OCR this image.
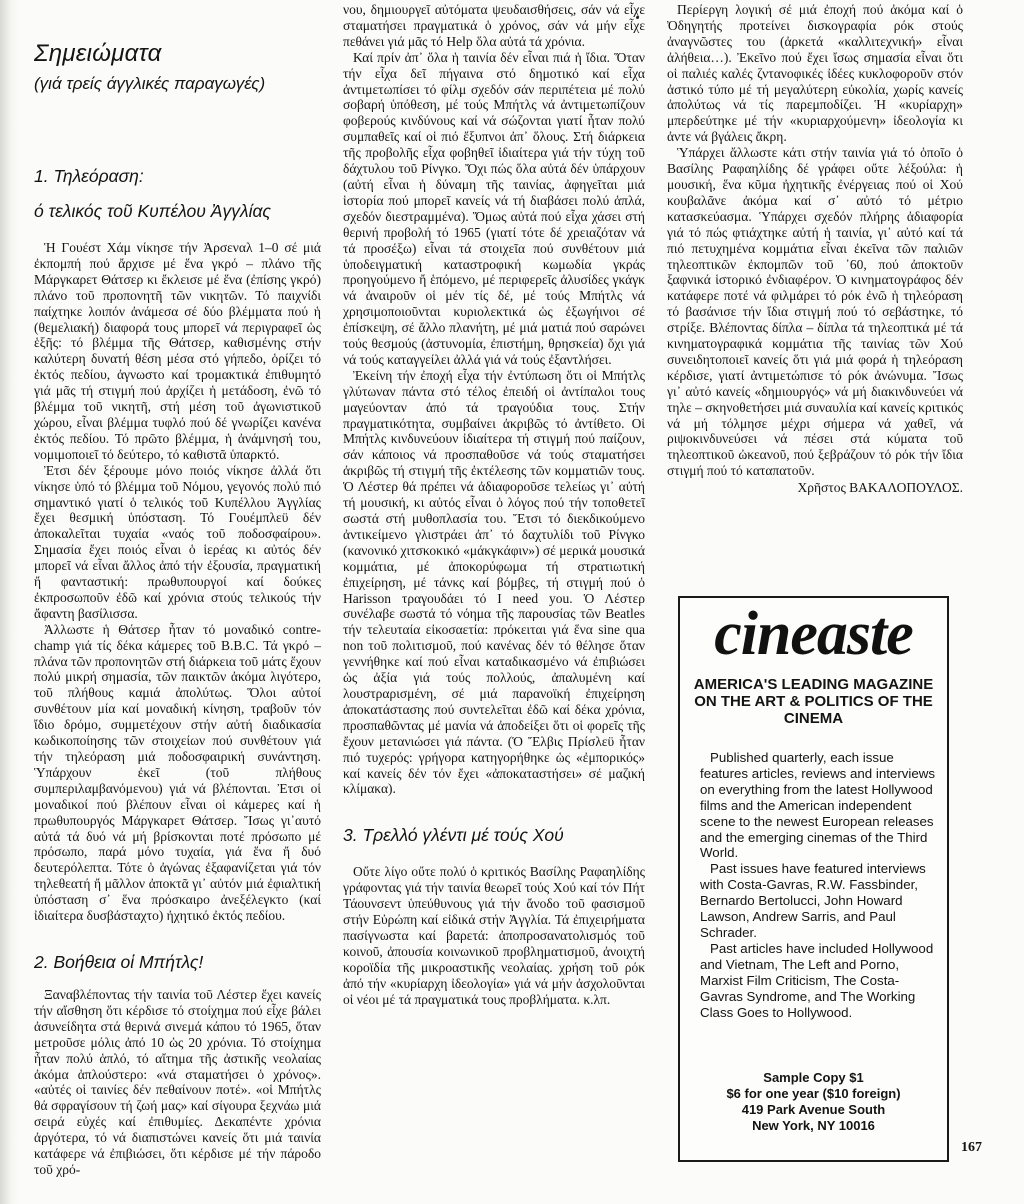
Σημειώματα
(γιά τρείς άγγλικές παραγωγές)
1. Τηλεόραση:
ό τελικός τοῦ Κυπέλου Ἀγγλίας

Ἡ Γουέστ Χάμ νίκησε τήν Ἀρσεναλ 1–0 σέ μιά ἐκπομπή πού ἄρχισε μέ ἕνα γκρό – πλάνο τῆς Μάργκαρετ Θάτσερ κι ἔκλεισε μέ ἕνα (ἐπίσης γκρό) πλάνο τοῦ προπονητῆ τῶν νικητῶν. Τό παιχνίδι παίχτηκε λοιπόν ἀνάμεσα σέ δύο βλέμματα πού ἡ (θεμελιακή) διαφορά τους μπορεῖ νά περιγραφεῖ ὡς ἑξῆς: τό βλέμμα τῆς Θάτσερ, καθισμένης στήν καλύτερη δυνατή θέση μέσα στό γήπεδο, ὁρίζει τό ἐκτός πεδίου, ἀγνωστο καί τρομακτικά ἐπιθυμητό γιά μᾶς τή στιγμή πού ἀρχίζει ἡ μετάδοση, ἐνῶ τό βλέμμα τοῦ νικητῆ, στή μέση τοῦ ἀγωνιστικοῦ χώρου, εἶναι βλέμμα τυφλό πού δέ γνωρίζει κανένα ἐκτός πεδίου. Τό πρῶτο βλέμμα, ἡ ἀνάμνησή του, νομιμοποιεῖ τό δεύτερο, τό καθιστᾶ ὑπαρκτό.

Ἐτσι δέν ξέρουμε μόνο ποιός νίκησε ἀλλά ὅτι νίκησε ὑπό τό βλέμμα τοῦ Νόμου, γεγονός πολύ πιό σημαντικό γιατί ὁ τελικός τοῦ Κυπέλλου Ἀγγλίας ἔχει θεσμική ὑπόσταση. Τό Γουέμπλεϋ δέν ἀποκαλεῖται τυχαία «ναός τοῦ ποδοσφαίρου». Σημασία ἔχει ποιός εἶναι ὁ ἱερέας κι αὐτός δέν μπορεῖ νά εἶναι ἄλλος ἀπό τήν ἐξουσία, πραγματική ἤ φανταστική: πρωθυπουργοί καί δούκες ἐκπροσωποῦν ἐδῶ καί χρόνια στούς τελικούς τήν ἄφαντη βασίλισσα.

Ἀλλωστε ἡ Θάτσερ ἦταν τό μοναδικό contre-champ γιά τίς δέκα κάμερες τοῦ B.B.C. Τά γκρό – πλάνα τῶν προπονητῶν στή διάρκεια τοῦ μάτς ἔχουν πολύ μικρή σημασία, τῶν παικτῶν ἀκόμα λιγότερο, τοῦ πλήθους καμιά ἀπολύτως. Ὅλοι αὐτοί συνθέτουν μία καί μοναδική κίνηση, τραβοῦν τόν ἴδιο δρόμο, συμμετέχουν στήν αὐτή διαδικασία κωδικοποίησης τῶν στοιχείων πού συνθέτουν γιά τήν τηλεόραση μιά ποδοσφαιρική συνάντηση. Ὑπάρχουν ἐκεῖ (τοῦ πλήθους συμπεριλαμβανόμενου) γιά νά βλέπονται. Ἐτσι οἱ μοναδικοί πού βλέπουν εἶναι οἱ κάμερες καί ἡ πρωθυπουργός Μάργκαρετ Θάτσερ. Ἴσως γι᾽αυτό αὐτά τά δυό νά μή βρίσκονται ποτέ πρόσωπο μέ πρόσωπο, παρά μόνο τυχαία, γιά ἕνα ἤ δυό δευτερόλεπτα. Τότε ὁ ἀγώνας ἐξαφανίζεται γιά τόν τηλεθεατή ἤ μᾶλλον ἀποκτᾶ γι᾽ αὐτόν μιά ἐφιαλτική ὑπόσταση σ᾽ ἕνα πρόσκαιρο ἀνεξέλεγκτο (καί ἰδιαίτερα δυσβάσταχτο) ἠχητικό ἐκτός πεδίου.

2. Βοήθεια οἱ Μπήτλς!

Ξαναβλέποντας τήν ταινία τοῦ Λέστερ ἔχει κανείς τήν αἴσθηση ὅτι κέρδισε τό στοίχημα πού εἶχε βάλει ἀσυνείδητα στά θερινά σινεμά κάπου τό 1965, ὅταν μετροῦσε μόλις ἀπό 10 ὡς 20 χρόνια. Τό στοίχημα ἦταν πολύ ἁπλό, τό αἴτημα τῆς ἀστικῆς νεολαίας ἀκόμα ἁπλούστερο: «νά σταματήσει ὁ χρόνος». «αὐτές οἱ ταινίες δέν πεθαίνουν ποτέ». «οἱ Μπήτλς θά σφραγίσουν τή ζωή μας» καί σίγουρα ξεχνάω μιά σειρά εὐχές καί ἐπιθυμίες. Δεκαπέντε χρόνια ἀργότερα, τό νά διαπιστώνει κανείς ὅτι μιά ταινία κατάφερε νά ἐπιβιώσει, ὅτι κέρδισε μέ τήν πάροδο τοῦ χρό-

νου, δημιουργεῖ αὐτόματα ψευδαισθήσεις, σάν νά εἶχε σταματήσει πραγματικά ὁ χρόνος, σάν νά μήν εἶχε πεθάνει γιά μᾶς τό Help ὅλα αὐτά τά χρόνια.

Καί πρίν ἀπ᾽ ὅλα ἡ ταινία δέν εἶναι πιά ἡ ἴδια. Ὅταν τήν εἶχα δεῖ πήγαινα στό δημοτικό καί εἶχα ἀντιμετωπίσει τό φίλμ σχεδόν σάν περιπέτεια μέ πολύ σοβαρή ὑπόθεση, μέ τούς Μπήτλς νά ἀντιμετωπίζουν φοβερούς κινδύνους καί νά σώζονται γιατί ἦταν πολύ συμπαθεῖς καί οἱ πιό ἔξυπνοι ἀπ᾽ ὅλους. Στή διάρκεια τῆς προβολῆς εἶχα φοβηθεῖ ἰδιαίτερα γιά τήν τύχη τοῦ δάχτυλου τοῦ Ρίνγκο. Ὄχι πώς ὅλα αὐτά δέν ὑπάρχουν (αὐτή εἶναι ἡ δύναμη τῆς ταινίας, ἀφηγεῖται μιά ἱστορία πού μπορεῖ κανείς νά τή διαβάσει πολύ ἁπλά, σχεδόν διεστραμμένα). Ὅμως αὐτά πού εἶχα χάσει στή θερινή προβολή τό 1965 (γιατί τότε δέ χρειαζόταν νά τά προσέξω) εἶναι τά στοιχεῖα πού συνθέτουν μιά ὑποδειγματική καταστροφική κωμωδία γκράς προηγούμενο ἤ ἑπόμενο, μέ περιφερεῖς ἀλυσίδες γκάγκ νά ἀναιροῦν οἱ μέν τίς δέ, μέ τούς Μπήτλς νά χρησιμοποιοῦνται κυριολεκτικά ὡς ἐξωγήινοι σέ ἐπίσκεψη, σέ ἄλλο πλανήτη, μέ μιά ματιά πού σαρώνει τούς θεσμούς (ἀστυνομία, ἐπιστήμη, θρησκεία) ὄχι γιά νά τούς καταγγείλει ἀλλά γιά νά τούς ἐξαντλήσει.

Ἐκείνη τήν ἐποχή εἶχα τήν ἐντύπωση ὅτι οἱ Μπήτλς γλύτωναν πάντα στό τέλος ἐπειδή οἱ ἀντίπαλοι τους μαγεύονταν ἀπό τά τραγούδια τους. Στήν πραγματικότητα, συμβαίνει ἀκριβῶς τό ἀντίθετο. Οἱ Μπήτλς κινδυνεύουν ἰδιαίτερα τή στιγμή πού παίζουν, σάν κάποιος νά προσπαθοῦσε νά τούς σταματήσει ἀκριβῶς τή στιγμή τῆς ἐκτέλεσης τῶν κομματιῶν τους. Ὁ Λέστερ θά πρέπει νά ἀδιαφοροῦσε τελείως γι᾽ αὐτή τή μουσική, κι αὐτός εἶναι ὁ λόγος πού τήν τοποθετεῖ σωστά στή μυθοπλασία του. Ἔτσι τό διεκδικούμενο ἀντικείμενο γλιστράει ἀπ᾽ τό δαχτυλίδι τοῦ Ρίνγκο (κανονικό χιτσκοκικό «μάκγκάφιν») σέ μερικά μουσικά κομμάτια, μέ ἀποκορύφωμα τή στρατιωτική ἐπιχείρηση, μέ τάνκς καί βόμβες, τή στιγμή πού ὁ Harisson τραγουδάει τό I need you. Ὁ Λέστερ συνέλαβε σωστά τό νόημα τῆς παρουσίας τῶν Beatles τήν τελευταία εἰκοσαετία: πρόκειται γιά ἕνα sine qua non τοῦ πολιτισμοῦ, πού κανένας δέν τό θέλησε ὅταν γεννήθηκε καί πού εἶναι καταδικασμένο νά ἐπιβιώσει ὡς ἀξία γιά τούς πολλούς, ἀπαλυμένη καί λουστραρισμένη, σέ μιά παρανοϊκή ἐπιχείρηση ἀποκατάστασης πού συντελεῖται ἐδῶ καί δέκα χρόνια, προσπαθῶντας μέ μανία νά ἀποδείξει ὅτι οἱ φορεῖς τῆς ἔχουν μετανιώσει γιά πάντα. (Ὁ Ἔλβις Πρίσλεϋ ἦταν πιό τυχερός: γρήγορα κατηγορήθηκε ὡς «ἐμπορικός» καί κανείς δέν τόν ἔχει «ἀποκαταστήσει» σέ μαζική κλίμακα).

3. Τρελλό γλέντι μέ τούς Χού

Οὔτε λίγο οὔτε πολύ ὁ κριτικός Βασίλης Ραφαηλίδης γράφοντας γιά τήν ταινία θεωρεῖ τούς Χού καί τόν Πήτ Τάουνσεντ ὑπεύθυνους γιά τήν ἄνοδο τοῦ φασισμοῦ στήν Εὐρώπη καί εἰδικά στήν Ἀγγλία. Τά ἐπιχειρήματα πασίγνωστα καί βαρετά: ἀποπροσανατολισμός τοῦ κοινοῦ, ἀπουσία κοινωνικοῦ προβληματισμοῦ, ἀνοιχτή κοροϊδία τῆς μικροαστικῆς νεολαίας. χρήση τοῦ ρόκ ἀπό τήν «κυρίαρχη ἰδεολογία» γιά νά μήν ἀσχολοῦνται οἱ νέοι μέ τά πραγματικά τους προβλήματα. κ.λπ.

Περίεργη λογική σέ μιά ἐποχή πού ἀκόμα καί ὁ Ὀδηγητής προτείνει δισκογραφία ρόκ στούς ἀναγνῶστες του (ἀρκετά «καλλιτεχνική» εἶναι ἀλήθεια…). Ἐκεῖνο πού ἔχει ἴσως σημασία εἶναι ὅτι οἱ παλιές καλές ζντανοφικές ἰδέες κυκλοφοροῦν στόν ἀστικό τύπο μέ τή μεγαλύτερη εὐκολία, χωρίς κανείς ἀπολύτως νά τίς παρεμποδίζει. Ἡ «κυρίαρχη» μπερδεύτηκε μέ τήν «κυριαρχούμενη» ἰδεολογία κι ἀντε νά βγάλεις ἄκρη.

Ὑπάρχει ἄλλωστε κάτι στήν ταινία γιά τό ὁποῖο ὁ Βασίλης Ραφαηλίδης δέ γράφει οὔτε λέξούλα: ἡ μουσική, ἕνα κῦμα ἠχητικῆς ἐνέργειας πού οἱ Χού κουβαλᾶνε ἀκόμα καί σ᾽ αὐτό τό μέτριο κατασκεύασμα. Ὑπάρχει σχεδόν πλήρης ἀδιαφορία γιά τό πώς φτιάχτηκε αὐτή ἡ ταινία, γι᾽ αὐτό καί τά πιό πετυχημένα κομμάτια εἶναι ἐκεῖνα τῶν παλιῶν τηλεοπτικῶν ἐκπομπῶν τοῦ ᾽60, πού ἀποκτοῦν ξαφνικά ἱστορικό ἐνδιαφέρον. Ὁ κινηματογράφος δέν κατάφερε ποτέ νά φιλμάρει τό ρόκ ἐνῶ ἡ τηλεόραση τό βασάνισε τήν ἴδια στιγμή πού τό σεβάστηκε, τό στρίξε. Βλέποντας δίπλα – δίπλα τά τηλεοπτικά μέ τά κινηματογραφικά κομμάτια τῆς ταινίας τῶν Χού συνειδητοποιεῖ κανείς ὅτι γιά μιά φορά ἡ τηλεόραση κέρδισε, γιατί ἀντιμετώπισε τό ρόκ ἀνώνυμα. Ἴσως γι᾽ αὐτό κανείς «δημιουργός» νά μή διακινδυνεύει νά τηλε – σκηνοθετήσει μιά συναυλία καί κανείς κριτικός νά μή τόλμησε μέχρι σήμερα νά χαθεῖ, νά ριψοκινδυνεύσει νά πέσει στά κύματα τοῦ τηλεοπτικοῦ ὠκεανοῦ, πού ξεβράζουν τό ρόκ τήν ἴδια στιγμή πού τό καταπατοῦν.

Χρῆστος ΒΑΚΑΛΟΠΟΥΛΟΣ.
cineaste
AMERICA'S LEADING MAGAZINE ON THE ART & POLITICS OF THE CINEMA
Published quarterly, each issue features articles, reviews and interviews on everything from the latest Hollywood films and the American independent scene to the newest European releases and the emerging cinemas of the Third World.
Past issues have featured interviews with Costa-Gavras, R.W. Fassbinder, Bernardo Bertolucci, John Howard Lawson, Andrew Sarris, and Paul Schrader.
Past articles have included Hollywood and Vietnam, The Left and Porno, Marxist Film Criticism, The Costa-Gavras Syndrome, and The Working Class Goes to Hollywood.
Sample Copy $1
$6 for one year ($10 foreign)
419 Park Avenue South
New York, NY 10016
167
